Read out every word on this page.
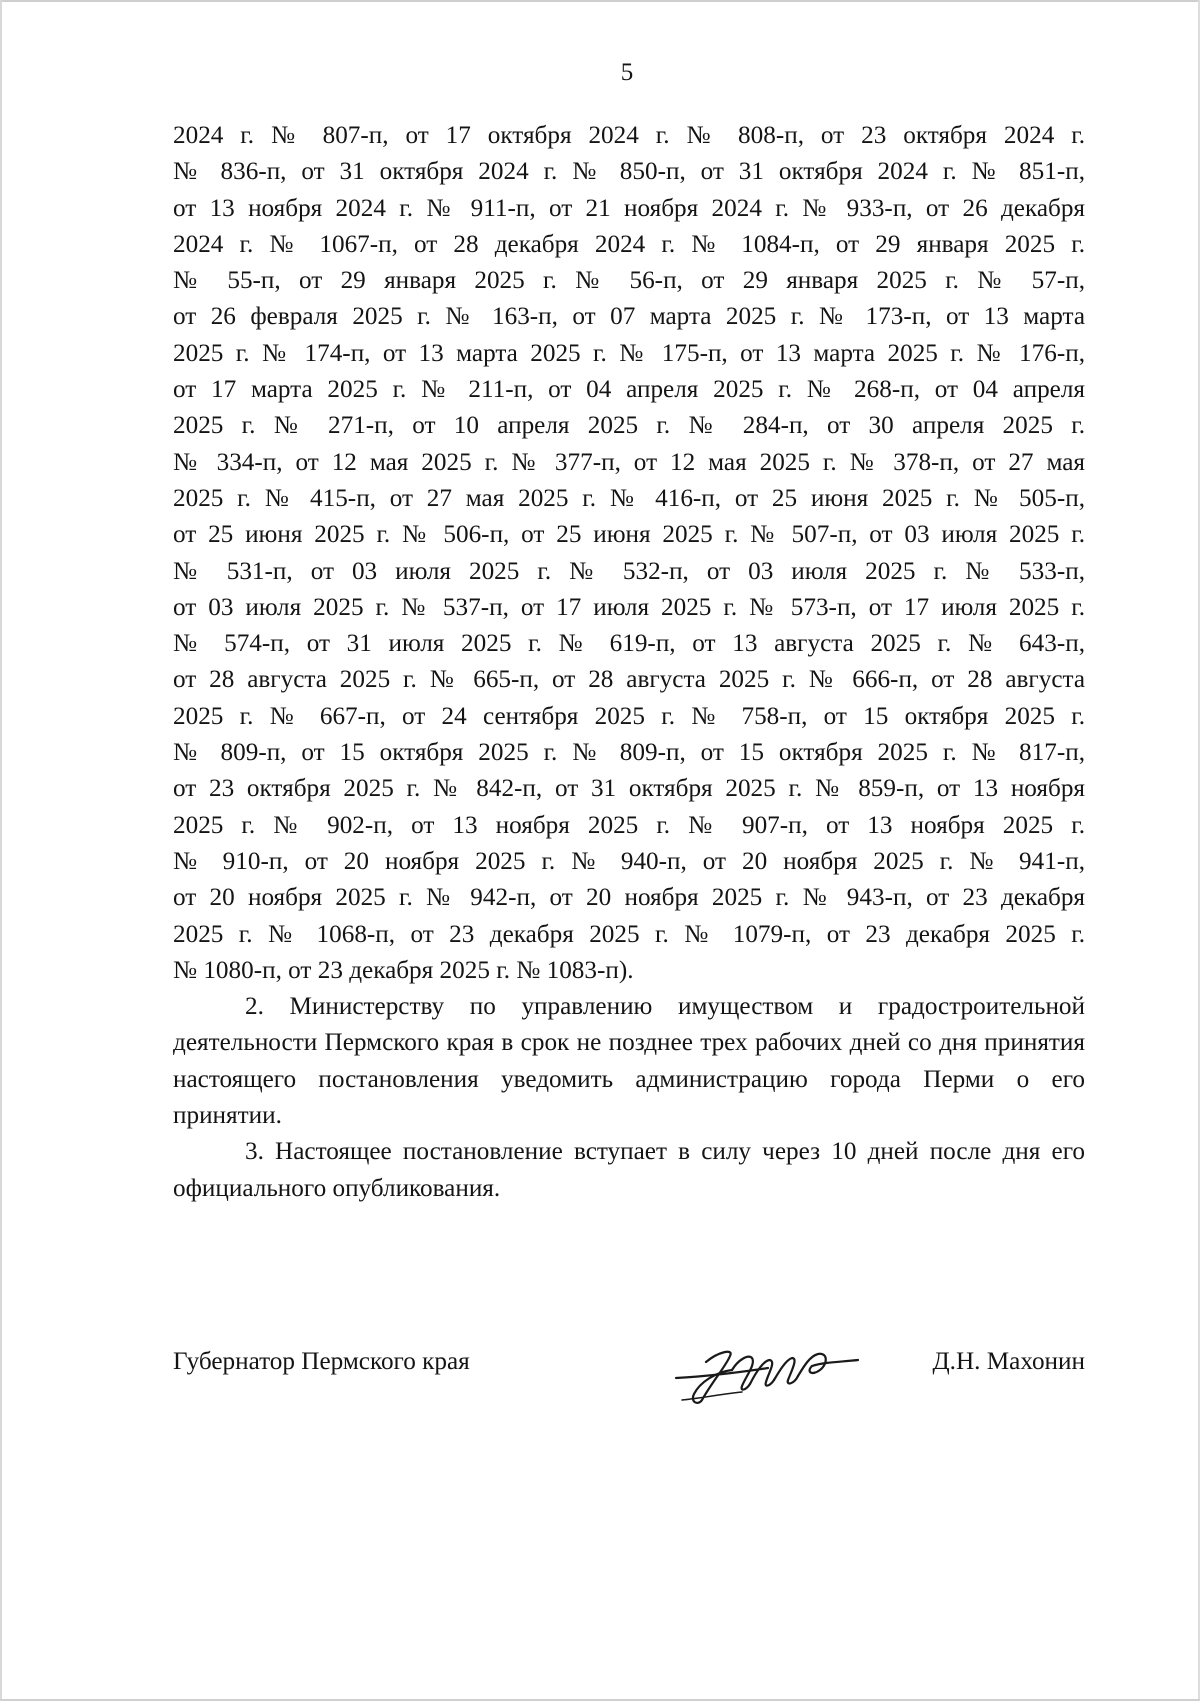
5

2024 г. № 807-п, от 17 октября 2024 г. № 808-п, от 23 октября 2024 г.
№ 836-п, от 31 октября 2024 г. № 850-п, от 31 октября 2024 г. № 851-п,
от 13 ноября 2024 г. № 911-п, от 21 ноября 2024 г. № 933-п, от 26 декабря
2024 г. № 1067-п, от 28 декабря 2024 г. № 1084-п, от 29 января 2025 г.
№ 55-п, от 29 января 2025 г. № 56-п, от 29 января 2025 г. № 57-п,
от 26 февраля 2025 г. № 163-п, от 07 марта 2025 г. № 173-п, от 13 марта
2025 г. № 174-п, от 13 марта 2025 г. № 175-п, от 13 марта 2025 г. № 176-п,
от 17 марта 2025 г. № 211-п, от 04 апреля 2025 г. № 268-п, от 04 апреля
2025 г. № 271-п, от 10 апреля 2025 г. № 284-п, от 30 апреля 2025 г.
№ 334-п, от 12 мая 2025 г. № 377-п, от 12 мая 2025 г. № 378-п, от 27 мая
2025 г. № 415-п, от 27 мая 2025 г. № 416-п, от 25 июня 2025 г. № 505-п,
от 25 июня 2025 г. № 506-п, от 25 июня 2025 г. № 507-п, от 03 июля 2025 г.
№ 531-п, от 03 июля 2025 г. № 532-п, от 03 июля 2025 г. № 533-п,
от 03 июля 2025 г. № 537-п, от 17 июля 2025 г. № 573-п, от 17 июля 2025 г.
№ 574-п, от 31 июля 2025 г. № 619-п, от 13 августа 2025 г. № 643-п,
от 28 августа 2025 г. № 665-п, от 28 августа 2025 г. № 666-п, от 28 августа
2025 г. № 667-п, от 24 сентября 2025 г. № 758-п, от 15 октября 2025 г.
№ 809-п, от 15 октября 2025 г. № 809-п, от 15 октября 2025 г. № 817-п,
от 23 октября 2025 г. № 842-п, от 31 октября 2025 г. № 859-п, от 13 ноября
2025 г. № 902-п, от 13 ноября 2025 г. № 907-п, от 13 ноября 2025 г.
№ 910-п, от 20 ноября 2025 г. № 940-п, от 20 ноября 2025 г. № 941-п,
от 20 ноября 2025 г. № 942-п, от 20 ноября 2025 г. № 943-п, от 23 декабря
2025 г. № 1068-п, от 23 декабря 2025 г. № 1079-п, от 23 декабря 2025 г.
№ 1080-п, от 23 декабря 2025 г. № 1083-п).

2. Министерству по управлению имуществом и градостроительной деятельности Пермского края в срок не позднее трех рабочих дней со дня принятия настоящего постановления уведомить администрацию города Перми о его принятии.

3. Настоящее постановление вступает в силу через 10 дней после дня его официального опубликования.

Губернатор Пермского края	Д.Н. Махонин
